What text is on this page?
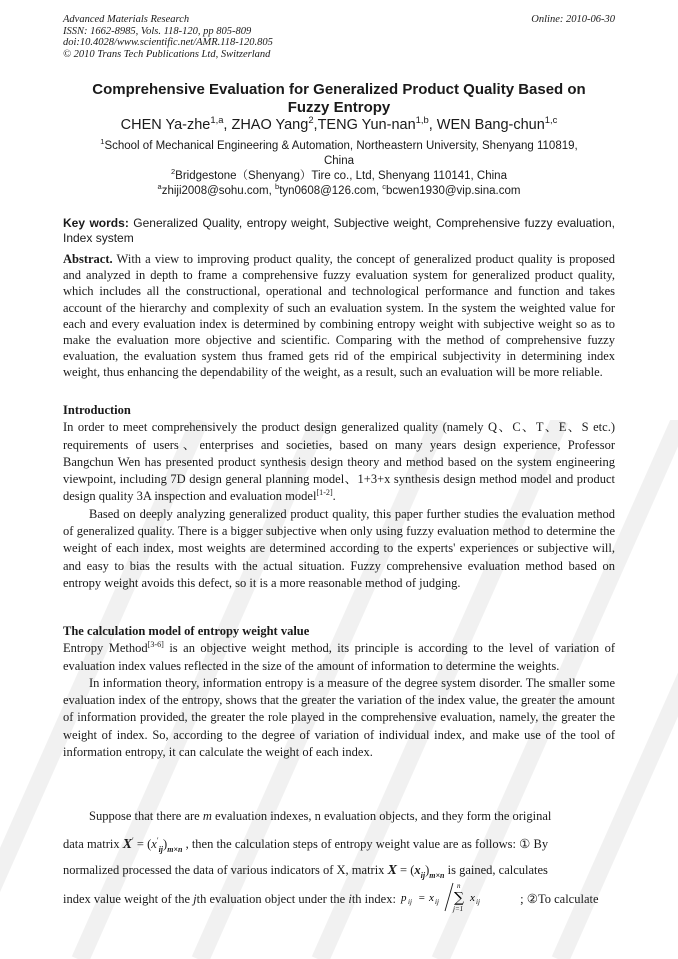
Advanced Materials Research
ISSN: 1662-8985, Vols. 118-120, pp 805-809
doi:10.4028/www.scientific.net/AMR.118-120.805
© 2010 Trans Tech Publications Ltd, Switzerland
Online: 2010-06-30
Comprehensive Evaluation for Generalized Product Quality Based on
Fuzzy Entropy
CHEN Ya-zhe$^{1,a}$, ZHAO Yang$^2$,TENG Yun-nan$^{1,b}$, WEN Bang-chun$^{1,c}$
$^1$School of Mechanical Engineering & Automation, Northeastern University, Shenyang 110819,
China
$^2$Bridgestone（Shenyang）Tire co., Ltd, Shenyang 110141, China
$^a$zhiji2008@sohu.com, $^b$tyn0608@126.com, $^c$bcwen1930@vip.sina.com
Key words: Generalized Quality, entropy weight, Subjective weight, Comprehensive fuzzy evaluation, Index system
Abstract. With a view to improving product quality, the concept of generalized product quality is proposed and analyzed in depth to frame a comprehensive fuzzy evaluation system for generalized product quality, which includes all the constructional, operational and technological performance and function and takes account of the hierarchy and complexity of such an evaluation system. In the system the weighted value for each and every evaluation index is determined by combining entropy weight with subjective weight so as to make the evaluation more objective and scientific. Comparing with the method of comprehensive fuzzy evaluation, the evaluation system thus framed gets rid of the empirical subjectivity in determining index weight, thus enhancing the dependability of the weight, as a result, such an evaluation will be more reliable.
Introduction
In order to meet comprehensively the product design generalized quality (namely Q、C、T、E、S etc.) requirements of users、enterprises and societies, based on many years design experience, Professor Bangchun Wen has presented product synthesis design theory and method based on the system engineering viewpoint, including 7D design general planning model、1+3+x synthesis design method model and product design quality 3A inspection and evaluation model[1-2].
Based on deeply analyzing generalized product quality, this paper further studies the evaluation method of generalized quality. There is a bigger subjective when only using fuzzy evaluation method to determine the weight of each index, most weights are determined according to the experts' experiences or subjective will, and easy to bias the results with the actual situation. Fuzzy comprehensive evaluation method based on entropy weight avoids this defect, so it is a more reasonable method of judging.
The calculation model of entropy weight value
Entropy Method[3-6] is an objective weight method, its principle is according to the level of variation of evaluation index values reflected in the size of the amount of information to determine the weights.
In information theory, information entropy is a measure of the degree system disorder. The smaller some evaluation index of the entropy, shows that the greater the variation of the index value, the greater the amount of information provided, the greater the role played in the comprehensive evaluation, namely, the greater the weight of index. So, according to the degree of variation of individual index, and make use of the tool of information entropy, it can calculate the weight of each index.
Suppose that there are m evaluation indexes, n evaluation objects, and they form the original
data matrix $X' = (x'_{ij})_{m\times n}$ , then the calculation steps of entropy weight value are as follows: ① By
normalized processed the data of various indicators of X, matrix $X = (x_{ij})_{m\times n}$ is gained, calculates
index value weight of the jth evaluation object under the ith index: p ij = x ij
n
∑
j=1
x ij	; ②To calculate
